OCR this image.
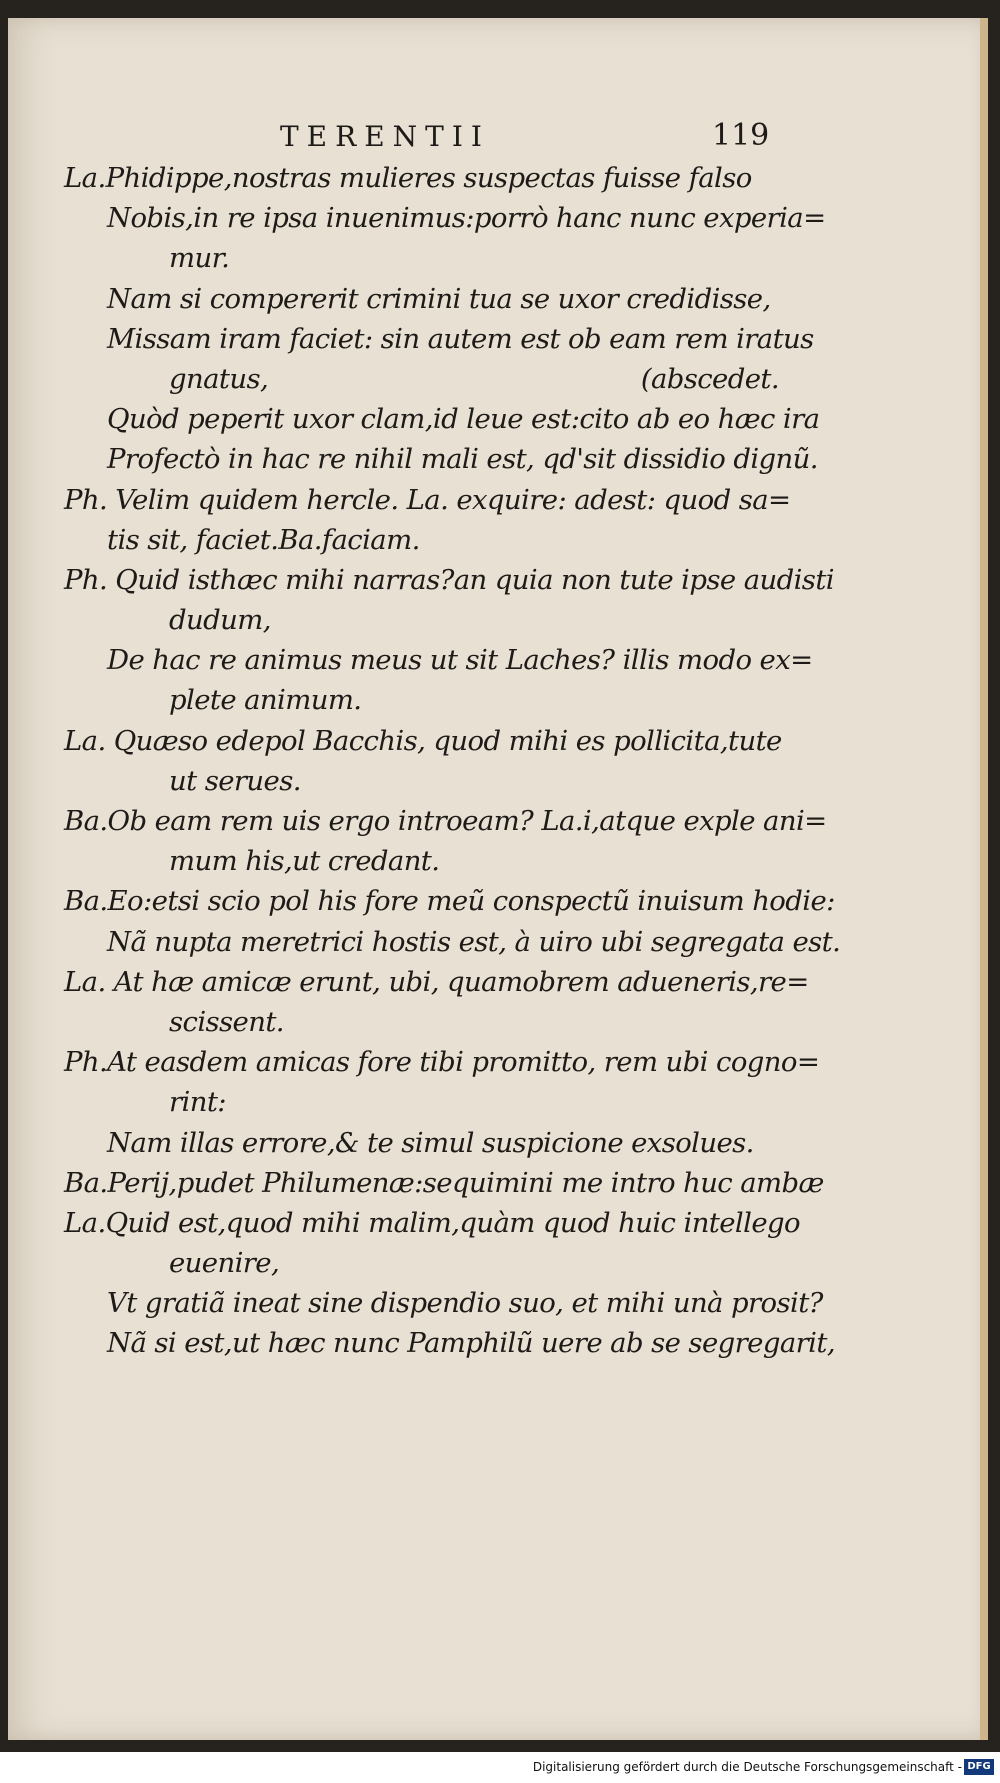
TERENTII	119
La.Phidippe,nostras mulieres suspectas fuisse falso
Nobis,in re ipsa inuenimus:porrò hanc nunc experia=
mur.
Nam si compererit crimini tua se uxor credidisse,
Missam iram faciet: sin autem est ob eam rem iratus
gnatus,	(abscedet.
Quòd peperit uxor clam,id leue est:cito ab eo hæc ira
Profectò in hac re nihil mali est, qd'sit dissidio dignũ.
Ph. Velim quidem hercle. La. exquire: adest: quod sa=
tis sit, faciet.Ba.faciam.
Ph. Quid isthæc mihi narras?an quia non tute ipse audisti
dudum,
De hac re animus meus ut sit Laches? illis modo ex=
plete animum.
La. Quæso edepol Bacchis, quod mihi es pollicita,tute
ut serues.
Ba.Ob eam rem uis ergo introeam? La.i,atque exple ani=
mum his,ut credant.
Ba.Eo:etsi scio pol his fore meũ conspectũ inuisum hodie:
Nã nupta meretrici hostis est, à uiro ubi segregata est.
La. At hæ amicæ erunt, ubi, quamobrem adueneris,re=
scissent.
Ph.At easdem amicas fore tibi promitto, rem ubi cogno=
rint:
Nam illas errore,& te simul suspicione exsolues.
Ba.Perij,pudet Philumenæ:sequimini me intro huc ambæ
La.Quid est,quod mihi malim,quàm quod huic intellego
euenire,
Vt gratiã ineat sine dispendio suo, et mihi unà prosit?
Nã si est,ut hæc nunc Pamphilũ uere ab se segregarit,
Digitalisierung gefördert durch die Deutsche Forschungsgemeinschaft - DFG
